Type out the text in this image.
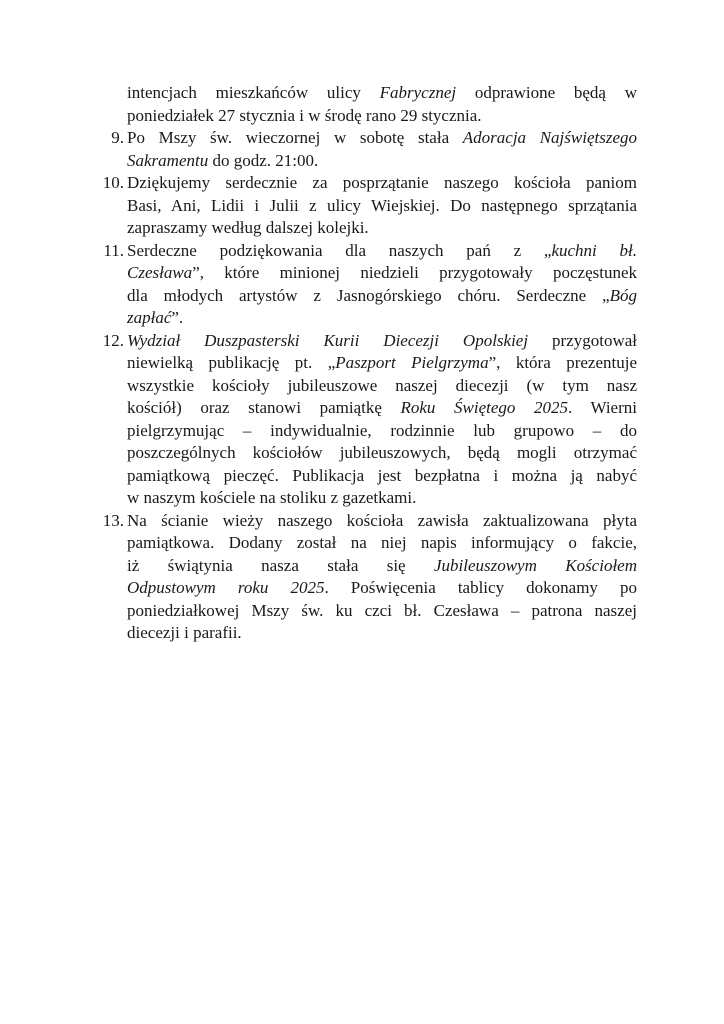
intencjach mieszkańców ulicy Fabrycznej odprawione będą w
poniedziałek 27 stycznia i w środę rano 29 stycznia.
9. Po Mszy św. wieczornej w sobotę stała Adoracja Najświętszego
Sakramentu do godz. 21:00.
10. Dziękujemy serdecznie za posprzątanie naszego kościoła paniom
Basi, Ani, Lidii i Julii z ulicy Wiejskiej. Do następnego sprzątania
zapraszamy według dalszej kolejki.
11. Serdeczne podziękowania dla naszych pań z „kuchni bł.
Czesława”, które minionej niedzieli przygotowały poczęstunek
dla młodych artystów z Jasnogórskiego chóru. Serdeczne „Bóg
zapłać”.
12. Wydział Duszpasterski Kurii Diecezji Opolskiej przygotował
niewielką publikację pt. „Paszport Pielgrzyma”, która prezentuje
wszystkie kościoły jubileuszowe naszej diecezji (w tym nasz
kościół) oraz stanowi pamiątkę Roku Świętego 2025. Wierni
pielgrzymując – indywidualnie, rodzinnie lub grupowo – do
poszczególnych kościołów jubileuszowych, będą mogli otrzymać
pamiątkową pieczęć. Publikacja jest bezpłatna i można ją nabyć
w naszym kościele na stoliku z gazetkami.
13. Na ścianie wieży naszego kościoła zawisła zaktualizowana płyta
pamiątkowa. Dodany został na niej napis informujący o fakcie,
iż świątynia nasza stała się Jubileuszowym Kościołem
Odpustowym roku 2025. Poświęcenia tablicy dokonamy po
poniedziałkowej Mszy św. ku czci bł. Czesława – patrona naszej
diecezji i parafii.
